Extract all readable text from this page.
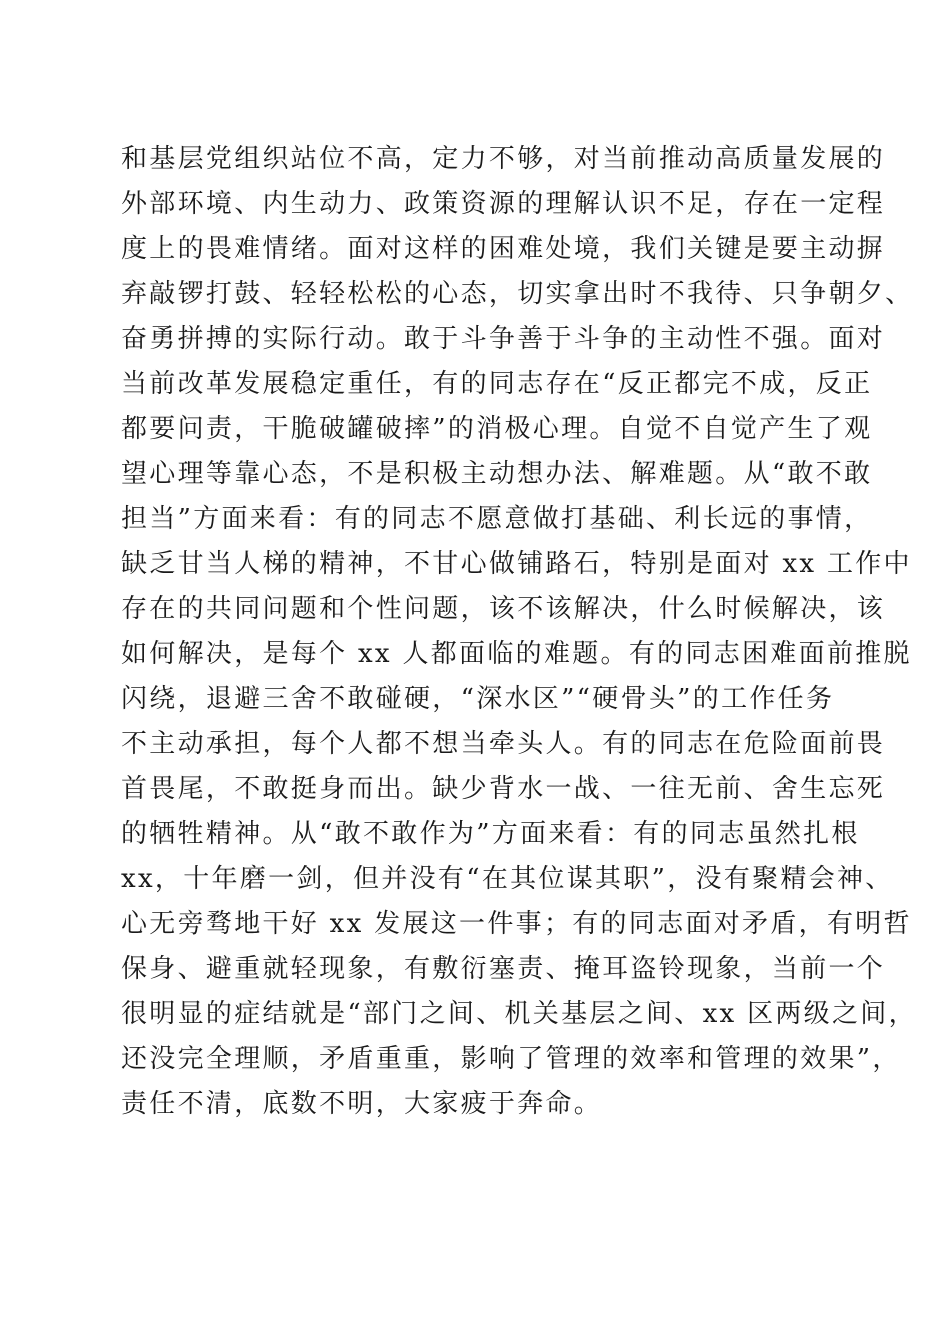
和基层党组织站位不高，定力不够，对当前推动高质量发展的
外部环境、内生动力、政策资源的理解认识不足，存在一定程
度上的畏难情绪。面对这样的困难处境，我们关键是要主动摒
弃敲锣打鼓、轻轻松松的心态，切实拿出时不我待、只争朝夕、
奋勇拼搏的实际行动。敢于斗争善于斗争的主动性不强。面对
当前改革发展稳定重任，有的同志存在“反正都完不成，反正
都要问责，干脆破罐破摔”的消极心理。自觉不自觉产生了观
望心理等靠心态，不是积极主动想办法、解难题。从“敢不敢
担当”方面来看：有的同志不愿意做打基础、利长远的事情，
缺乏甘当人梯的精神，不甘心做铺路石，特别是面对 xx 工作中
存在的共同问题和个性问题，该不该解决，什么时候解决，该
如何解决，是每个 xx 人都面临的难题。有的同志困难面前推脱
闪绕，退避三舍不敢碰硬，“深水区”“硬骨头”的工作任务
不主动承担，每个人都不想当牵头人。有的同志在危险面前畏
首畏尾，不敢挺身而出。缺少背水一战、一往无前、舍生忘死
的牺牲精神。从“敢不敢作为”方面来看：有的同志虽然扎根
xx，十年磨一剑，但并没有“在其位谋其职”，没有聚精会神、
心无旁骛地干好 xx 发展这一件事；有的同志面对矛盾，有明哲
保身、避重就轻现象，有敷衍塞责、掩耳盗铃现象，当前一个
很明显的症结就是“部门之间、机关基层之间、xx 区两级之间，
还没完全理顺，矛盾重重，影响了管理的效率和管理的效果”，
责任不清，底数不明，大家疲于奔命。
